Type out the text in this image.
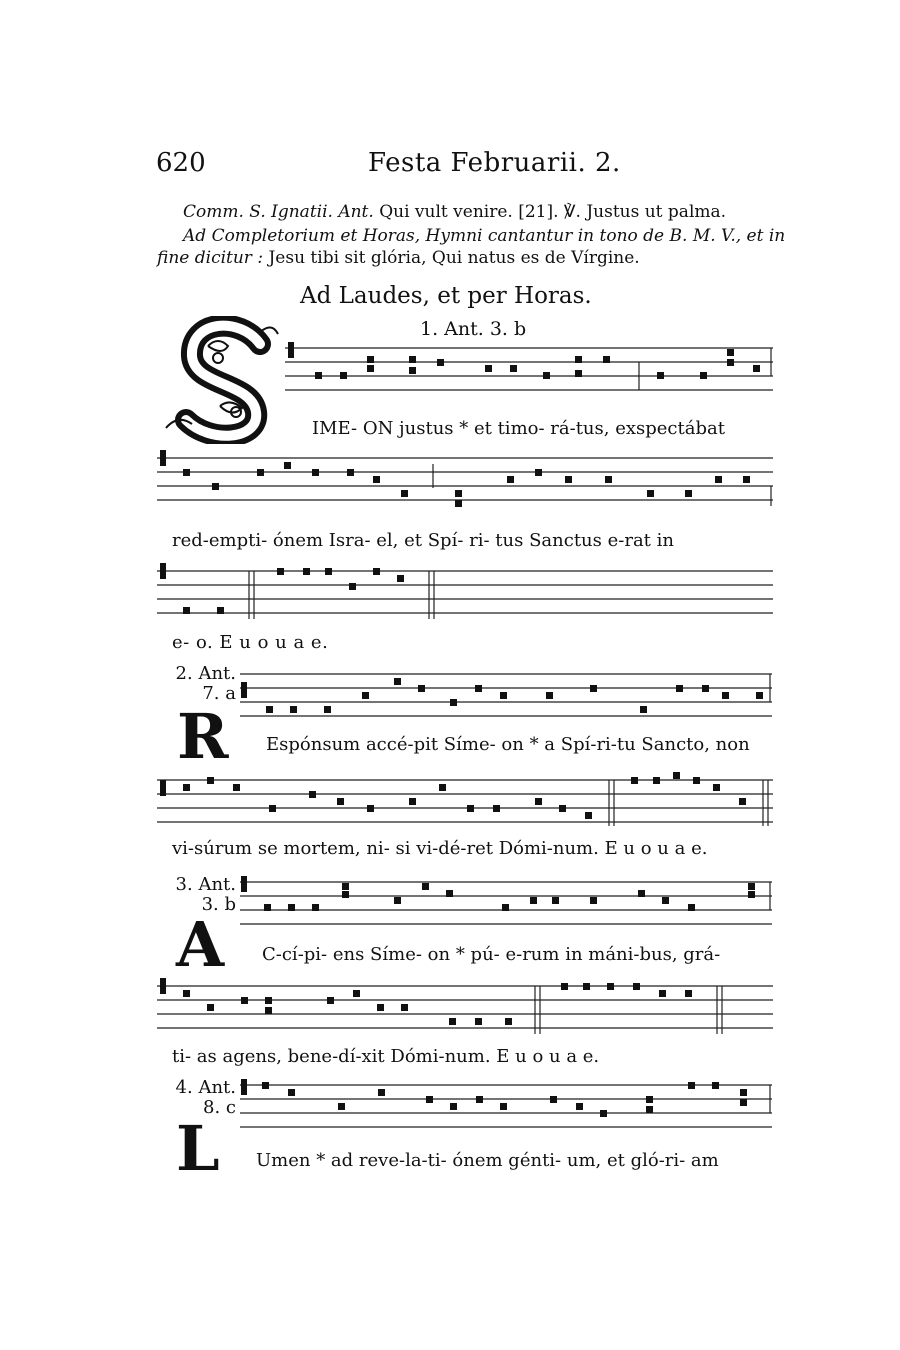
620	Festa Februarii. 2.
Comm. S. Ignatii. Ant. Qui vult venire. [21]. ℣. Justus ut palma.
Ad Completorium et Horas, Hymni cantantur in tono de B. M. V., et in
fine dicitur : Jesu tibi sit glória, Qui natus es de Vírgine.
Ad Laudes, et per Horas.
1. Ant. 3. b
IME- ON justus * et timo- rá-tus, exspectábat
red-empti- ónem Isra- el, et Spí- ri- tus Sanctus e-rat in
e- o. E u o u a e.
2. Ant.
7. a
R Espónsum accé-pit Síme- on * a Spí-ri-tu Sancto, non
vi-súrum se mortem, ni- si vi-dé-ret Dómi-num. E u o u a e.
3. Ant.
3. b
A C-cí-pi- ens Síme- on * pú- e-rum in máni-bus, grá-
ti- as agens, bene-dí-xit Dómi-num. E u o u a e.
4. Ant.
8. c
L Umen * ad reve-la-ti- ónem génti- um, et glό-ri- am
